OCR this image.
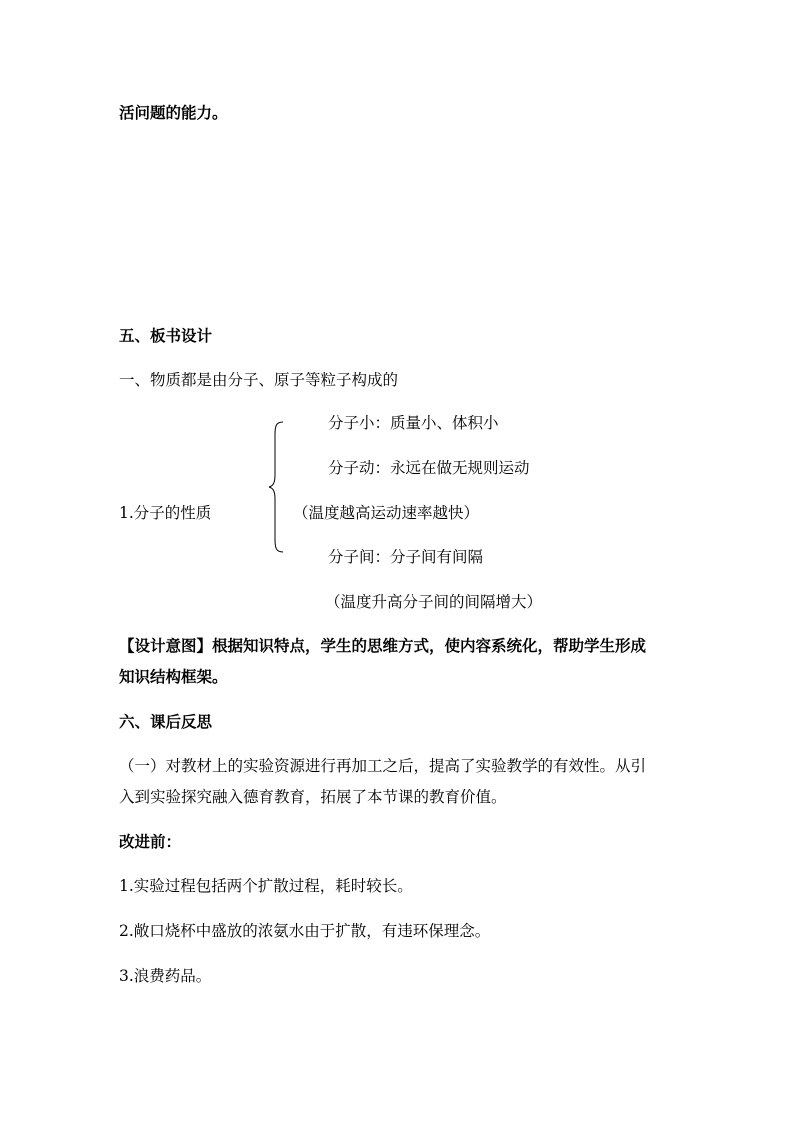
活问题的能力。
五、板书设计
一、物质都是由分子、原子等粒子构成的
1.分子的性质
分子小：质量小、体积小
分子动：永远在做无规则运动
（温度越高运动速率越快）
分子间：分子间有间隔
（温度升高分子间的间隔增大）
【设计意图】根据知识特点，学生的思维方式，使内容系统化，帮助学生形成
知识结构框架。
六、课后反思
（一）对教材上的实验资源进行再加工之后，提高了实验教学的有效性。从引
入到实验探究融入德育教育，拓展了本节课的教育价值。
改进前：
1.实验过程包括两个扩散过程，耗时较长。
2.敞口烧杯中盛放的浓氨水由于扩散，有违环保理念。
3.浪费药品。
